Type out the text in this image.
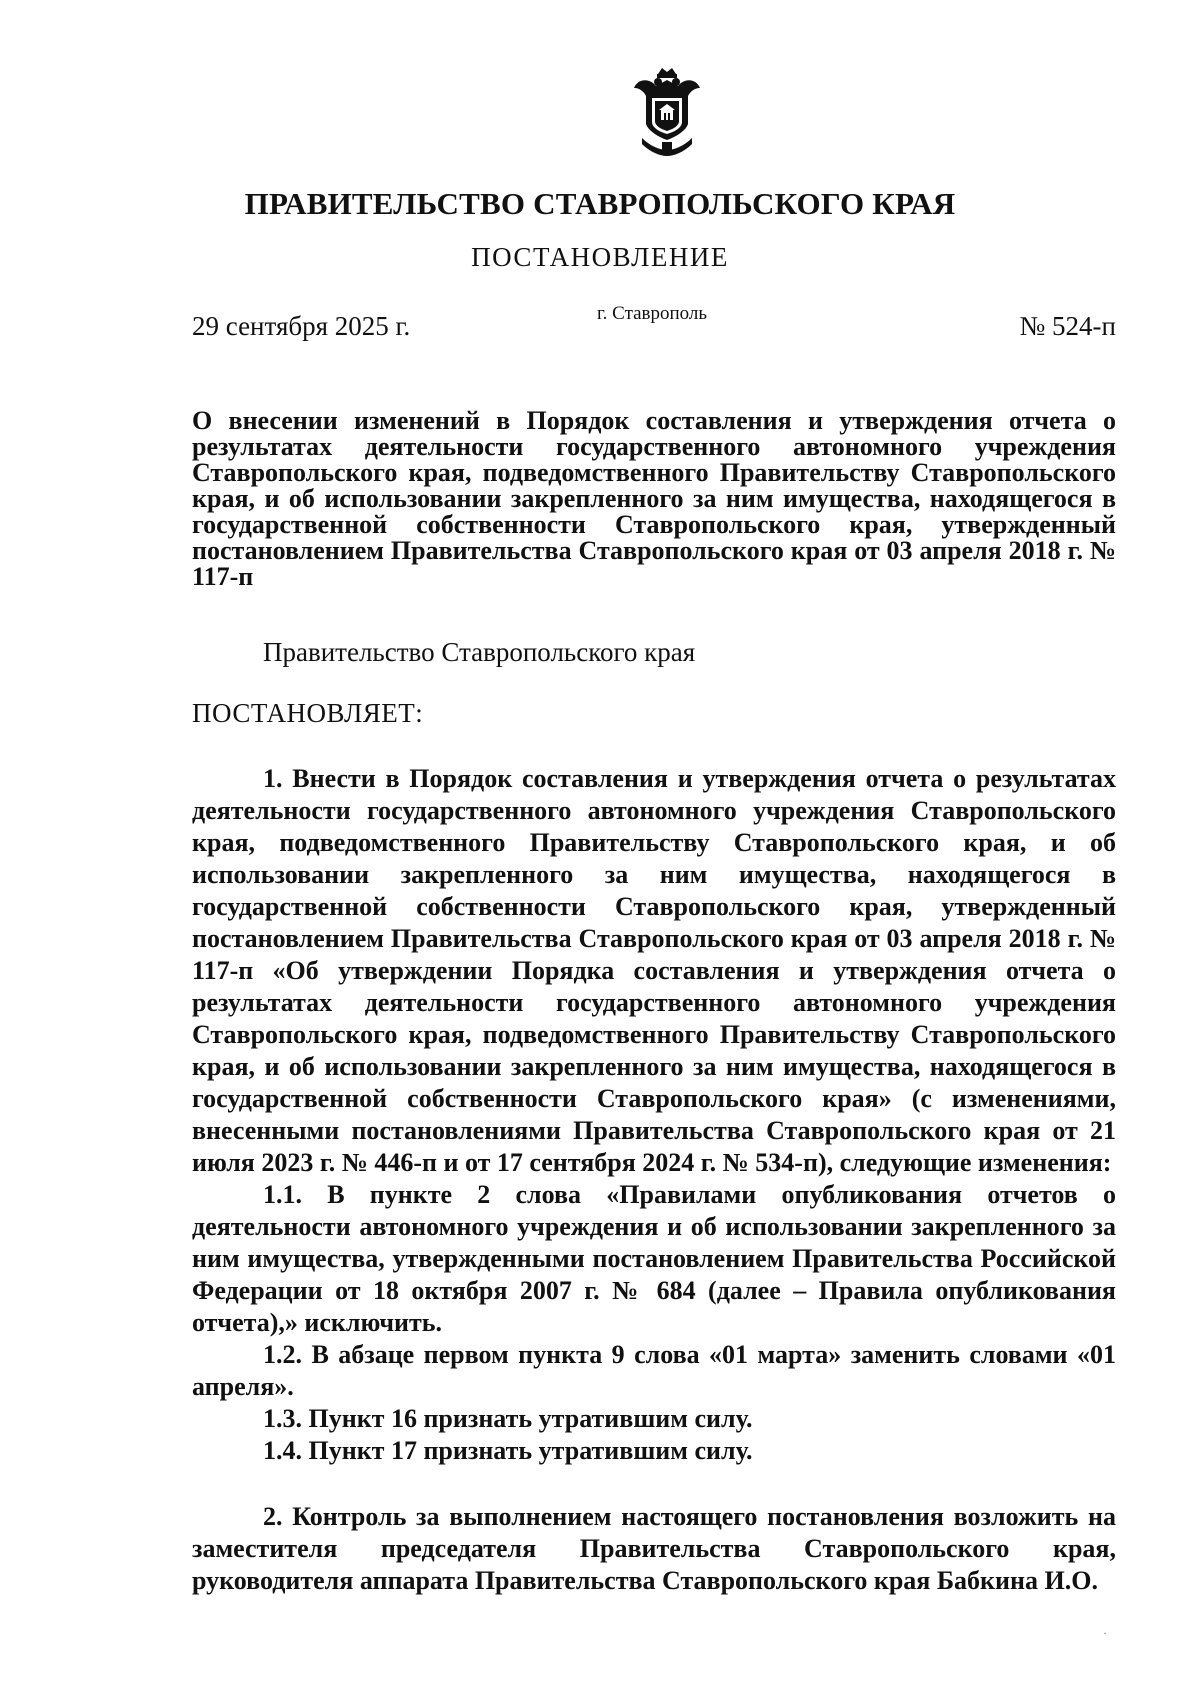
ПРАВИТЕЛЬСТВО СТАВРОПОЛЬСКОГО КРАЯ
ПОСТАНОВЛЕНИЕ
29 сентября 2025 г.	г. Ставрополь	№ 524-п
О внесении изменений в Порядок составления и утверждения отчета о результатах деятельности государственного автономного учреждения Ставропольского края, подведомственного Правительству Ставропольского края, и об использовании закрепленного за ним имущества, находящегося в государственной собственности Ставропольского края, утвержденный постановлением Правительства Ставропольского края от 03 апреля 2018 г. № 117-п
Правительство Ставропольского края
ПОСТАНОВЛЯЕТ:

1. Внести в Порядок составления и утверждения отчета о результатах деятельности государственного автономного учреждения Ставропольского края, подведомственного Правительству Ставропольского края, и об использовании закрепленного за ним имущества, находящегося в государственной собственности Ставропольского края, утвержденный постановлением Правительства Ставропольского края от 03 апреля 2018 г. № 117-п «Об утверждении Порядка составления и утверждения отчета о результатах деятельности государственного автономного учреждения Ставропольского края, подведомственного Правительству Ставропольского края, и об использовании закрепленного за ним имущества, находящегося в государственной собственности Ставропольского края» (с изменениями, внесенными постановлениями Правительства Ставропольского края от 21 июля 2023 г. № 446-п и от 17 сентября 2024 г. № 534-п), следующие изменения:

1.1. В пункте 2 слова «Правилами опубликования отчетов о деятельности автономного учреждения и об использовании закрепленного за ним имущества, утвержденными постановлением Правительства Российской Федерации от 18 октября 2007 г. № 684 (далее – Правила опубликования отчета),» исключить.

1.2. В абзаце первом пункта 9 слова «01 марта» заменить словами «01 апреля».

1.3. Пункт 16 признать утратившим силу.

1.4. Пункт 17 признать утратившим силу.

2. Контроль за выполнением настоящего постановления возложить на заместителя председателя Правительства Ставропольского края, руководителя аппарата Правительства Ставропольского края Бабкина И.О.

·
